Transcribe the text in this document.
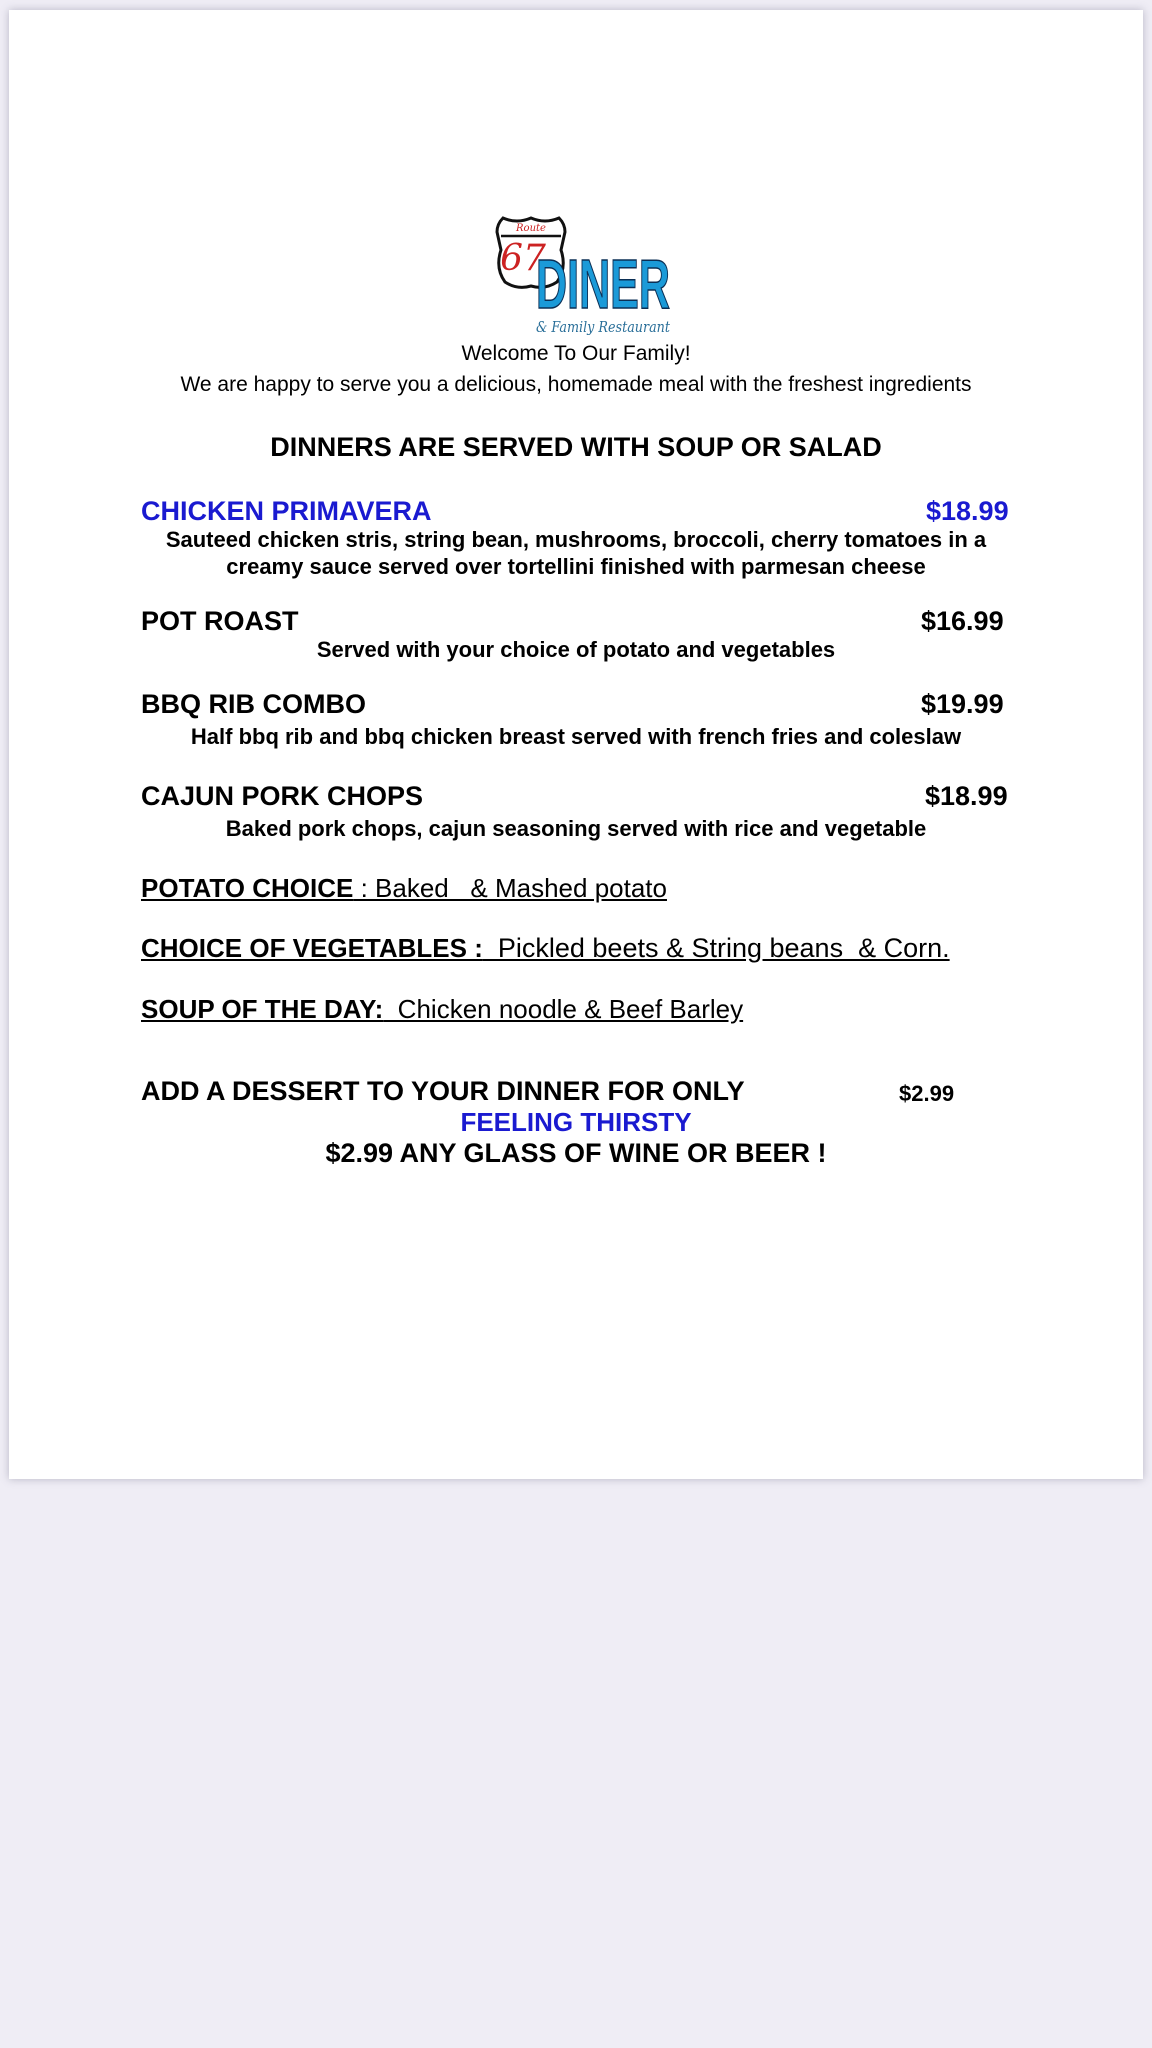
Route
67
DINER
& Family Restaurant
Welcome To Our Family!
We are happy to serve you a delicious, homemade meal with the freshest ingredients
DINNERS ARE SERVED WITH SOUP OR SALAD
CHICKEN PRIMAVERA	$18.99
Sauteed chicken stris, string bean, mushrooms, broccoli, cherry tomatoes in a
creamy sauce served over tortellini finished with parmesan cheese
POT ROAST	$16.99
Served with your choice of potato and vegetables
BBQ RIB COMBO	$19.99
Half bbq rib and bbq chicken breast served with french fries and coleslaw
CAJUN PORK CHOPS	$18.99
Baked pork chops, cajun seasoning served with rice and vegetable
POTATO CHOICE : Baked   & Mashed potato
CHOICE OF VEGETABLES :  Pickled beets & String beans  & Corn.
SOUP OF THE DAY:  Chicken noodle & Beef Barley
ADD A DESSERT TO YOUR DINNER FOR ONLY	$2.99
FEELING THIRSTY
$2.99 ANY GLASS OF WINE OR BEER !
